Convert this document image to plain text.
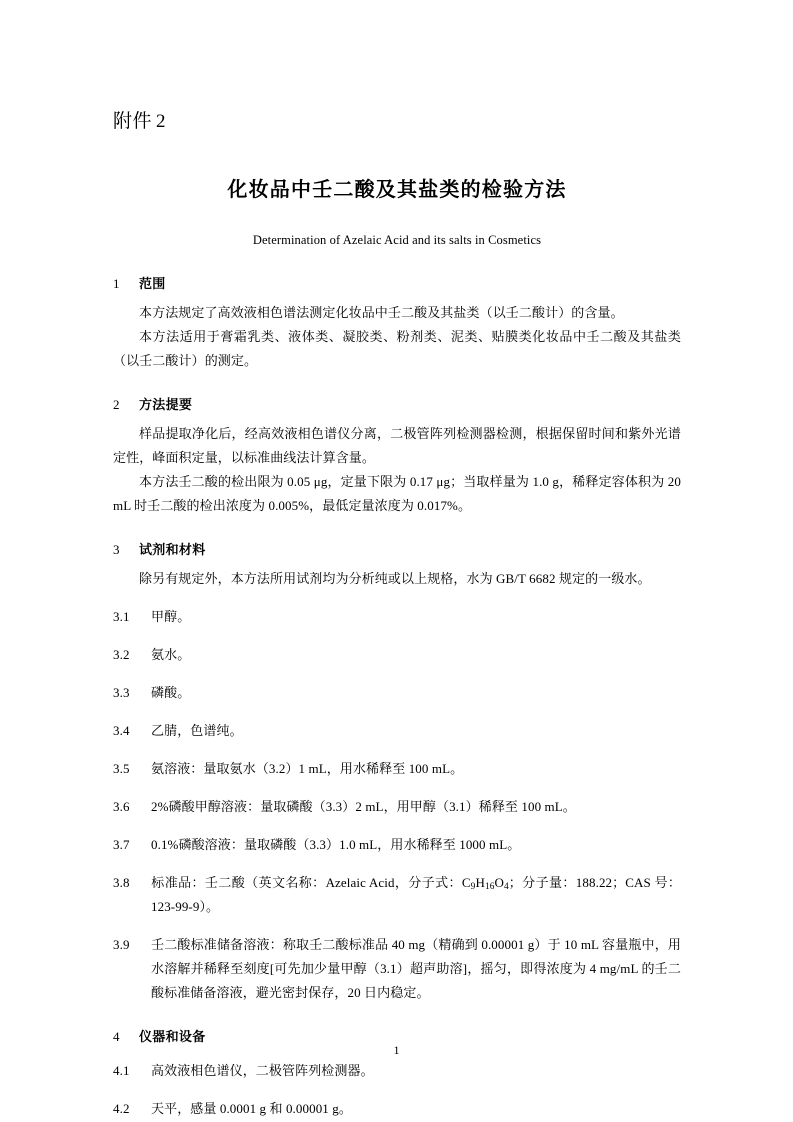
附件 2
化妆品中壬二酸及其盐类的检验方法
Determination of Azelaic Acid and its salts in Cosmetics
1 范围

本方法规定了高效液相色谱法测定化妆品中壬二酸及其盐类（以壬二酸计）的含量。

本方法适用于膏霜乳类、液体类、凝胶类、粉剂类、泥类、贴膜类化妆品中壬二酸及其盐类（以壬二酸计）的测定。

2 方法提要

样品提取净化后，经高效液相色谱仪分离，二极管阵列检测器检测，根据保留时间和紫外光谱定性，峰面积定量，以标准曲线法计算含量。

本方法壬二酸的检出限为 0.05 μg，定量下限为 0.17 μg；当取样量为 1.0 g，稀释定容体积为 20 mL 时壬二酸的检出浓度为 0.005%，最低定量浓度为 0.017%。

3 试剂和材料

除另有规定外，本方法所用试剂均为分析纯或以上规格，水为 GB/T 6682 规定的一级水。

3.1 甲醇。
3.2 氨水。
3.3 磷酸。
3.4 乙腈，色谱纯。
3.5 氨溶液：量取氨水（3.2）1 mL，用水稀释至 100 mL。
3.6 2%磷酸甲醇溶液：量取磷酸（3.3）2 mL，用甲醇（3.1）稀释至 100 mL。
3.7 0.1%磷酸溶液：量取磷酸（3.3）1.0 mL，用水稀释至 1000 mL。
3.8 标准品：壬二酸（英文名称：Azelaic Acid，分子式：$C_9H_{16}O_4$；分子量：188.22；CAS 号：123-99-9）。
3.9 壬二酸标准储备溶液：称取壬二酸标准品 40 mg（精确到 0.00001 g）于 10 mL 容量瓶中，用水溶解并稀释至刻度[可先加少量甲醇（3.1）超声助溶]，摇匀，即得浓度为 4 mg/mL 的壬二酸标准储备溶液，避光密封保存，20 日内稳定。
4 仪器和设备
4.1 高效液相色谱仪，二极管阵列检测器。
4.2 天平，感量 0.0001 g 和 0.00001 g。
1
